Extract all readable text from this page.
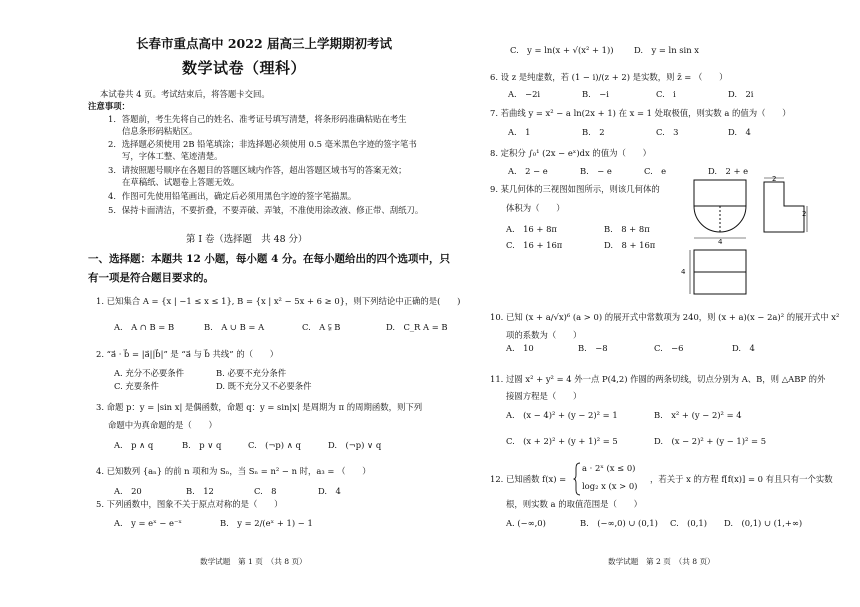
长春市重点高中 2022 届高三上学期期初考试
数学试卷（理科）
本试卷共 4 页。考试结束后，将答题卡交回。
注意事项：
1．答题前，考生先将自己的姓名、准考证号填写清楚，将条形码准确粘贴在考生
信息条形码粘贴区。
2．选择题必须使用 2B 铅笔填涂；非选择题必须使用 0.5 毫米黑色字迹的签字笔书
写，字体工整、笔迹清楚。
3．请按照题号顺序在各题目的答题区域内作答，超出答题区域书写的答案无效；
在草稿纸、试题卷上答题无效。
4．作图可先使用铅笔画出，确定后必须用黑色字迹的签字笔描黑。
5．保持卡面清洁，不要折叠，不要弄破、弄皱，不准使用涂改液、修正带、刮纸刀。
第 I 卷（选择题　共 48 分）
一、选择题：本题共 12 小题，每小题 4 分。在每小题给出的四个选项中，只
有一项是符合题目要求的。
1. 已知集合 A = {x | −1 ≤ x ≤ 1}, B = {x | x² − 5x + 6 ≥ 0}，则下列结论中正确的是(　　)
A.　A ∩ B = B	B.　A ∪ B = A	C.　A ⫋ B	D.　C_R A = B
2. “a⃗ · b⃗ = |a⃗||b⃗|” 是 “a⃗ 与 b⃗ 共线” 的（　　）
A. 充分不必要条件	B. 必要不充分条件
C. 充要条件	D. 既不充分又不必要条件
3. 命题 p：y = |sin x| 是偶函数，命题 q：y = sin|x| 是周期为 π 的周期函数，则下列
命题中为真命题的是（　　）
A.　p ∧ q	B.　p ∨ q	C.　(¬p) ∧ q	D.　(¬p) ∨ q
4. 已知数列 {aₙ} 的前 n 项和为 Sₙ，当 Sₙ = n² − n 时，a₃ = （　　）
A.　20	B.　12	C.　8	D.　4
5. 下列函数中，图象不关于原点对称的是（　　）
A.　y = eˣ − e⁻ˣ	B.　y = 2/(eˣ + 1) − 1
数学试题　第 1 页　（共 8 页）
C.　y = ln(x + √(x² + 1)) D.　y = ln sin x
6. 设 z 是纯虚数，若 (1 − i)/(z + 2) 是实数，则 z̄ = （　　）
A.　−2i	B.　−i	C.　i	D.　2i
7. 若曲线 y = x² − a ln(2x + 1) 在 x = 1 处取极值，则实数 a 的值为（　　）
A.　1	B.　2	C.　3	D.　4
8. 定积分 ∫₀¹ (2x − eˣ)dx 的值为（　　）
A.　2 − e	B.　− e	C.　e	D.　2 + e
9. 某几何体的三视图如图所示，则该几何体的
体积为（　　）
A.　16 + 8π	B.　8 + 8π
C.　16 + 16π	D.　8 + 16π
2
2
4
4
10. 已知 (x + a/√x)⁶ (a > 0) 的展开式中常数项为 240，则 (x + a)(x − 2a)² 的展开式中 x²
项的系数为（　　）
A.　10	B.　−8	C.　−6	D.　4
11. 过圆 x² + y² = 4 外一点 P(4,2) 作圆的两条切线，切点分别为 A、B，则 △ABP 的外
接圆方程是（　　）
A.　(x − 4)² + (y − 2)² = 1	B.　x² + (y − 2)² = 4
C.　(x + 2)² + (y + 1)² = 5	D.　(x − 2)² + (y − 1)² = 5
12. 已知函数 f(x) =
a · 2ˣ (x ≤ 0)
log₂ x (x > 0)
，若关于 x 的方程 f[f(x)] = 0 有且只有一个实数
根，则实数 a 的取值范围是（　　）
A. (−∞,0)	B.　(−∞,0) ∪ (0,1) C.　(0,1) D.　(0,1) ∪ (1,+∞)
数学试题　第 2 页　（共 8 页）
